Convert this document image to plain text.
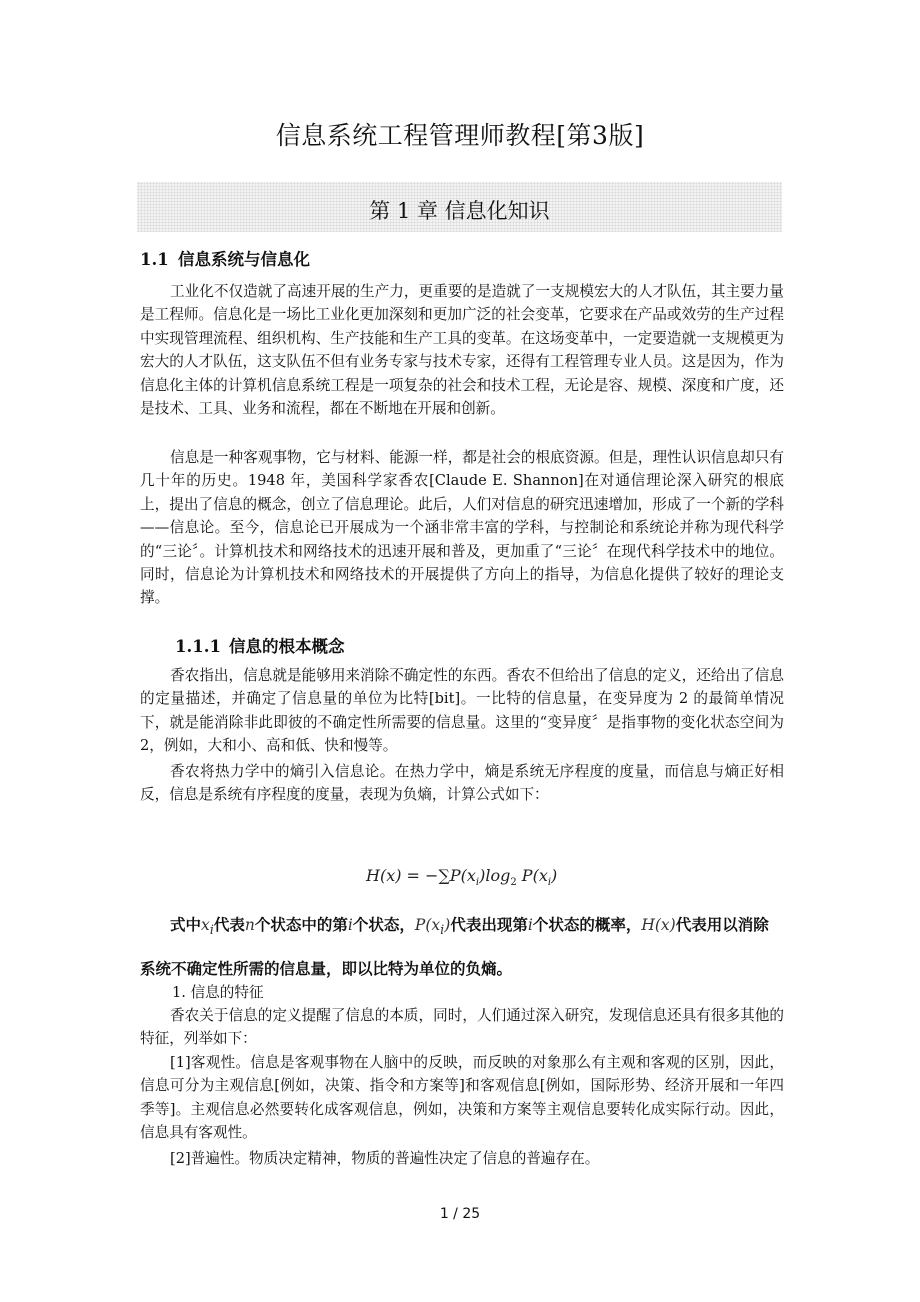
信息系统工程管理师教程[第3版]
第 1 章 信息化知识
1.1 信息系统与信息化

工业化不仅造就了高速开展的生产力，更重要的是造就了一支规模宏大的人才队伍，其主要力量是工程师。信息化是一场比工业化更加深刻和更加广泛的社会变革，它要求在产品或效劳的生产过程中实现管理流程、组织机构、生产技能和生产工具的变革。在这场变革中，一定要造就一支规模更为宏大的人才队伍，这支队伍不但有业务专家与技术专家，还得有工程管理专业人员。这是因为，作为信息化主体的计算机信息系统工程是一项复杂的社会和技术工程，无论是容、规模、深度和广度，还是技术、工具、业务和流程，都在不断地在开展和创新。

信息是一种客观事物，它与材料、能源一样，都是社会的根底资源。但是，理性认识信息却只有几十年的历史。1948 年，美国科学家香农[Claude E. Shannon]在对通信理论深入研究的根底上，提出了信息的概念，创立了信息理论。此后，人们对信息的研究迅速增加，形成了一个新的学科——信息论。至今，信息论已开展成为一个涵非常丰富的学科，与控制论和系统论并称为现代科学的“三论〞。计算机技术和网络技术的迅速开展和普及，更加重了“三论〞在现代科学技术中的地位。同时，信息论为计算机技术和网络技术的开展提供了方向上的指导，为信息化提供了较好的理论支撑。

1.1.1 信息的根本概念

香农指出，信息就是能够用来消除不确定性的东西。香农不但给出了信息的定义，还给出了信息的定量描述，并确定了信息量的单位为比特[bit]。一比特的信息量，在变异度为 2 的最简单情况下，就是能消除非此即彼的不确定性所需要的信息量。这里的“变异度〞是指事物的变化状态空间为 2，例如，大和小、高和低、快和慢等。

香农将热力学中的熵引入信息论。在热力学中，熵是系统无序程度的度量，而信息与熵正好相反，信息是系统有序程度的度量，表现为负熵，计算公式如下：

$H(x) = -\sum P(x_i)\log_2$ $P(x_i)$

式中$x_i$代表n个状态中的第i个状态，$P(x_i)$代表出现第i个状态的概率，H(x)代表用以消除系统不确定性所需的信息量，即以比特为单位的负熵。

1. 信息的特征

香农关于信息的定义提醒了信息的本质，同时，人们通过深入研究，发现信息还具有很多其他的特征，列举如下：

[1]客观性。信息是客观事物在人脑中的反映，而反映的对象那么有主观和客观的区别，因此，信息可分为主观信息[例如，决策、指令和方案等]和客观信息[例如，国际形势、经济开展和一年四季等]。主观信息必然要转化成客观信息，例如，决策和方案等主观信息要转化成实际行动。因此，信息具有客观性。

[2]普遍性。物质决定精神，物质的普遍性决定了信息的普遍存在。

1 / 25
